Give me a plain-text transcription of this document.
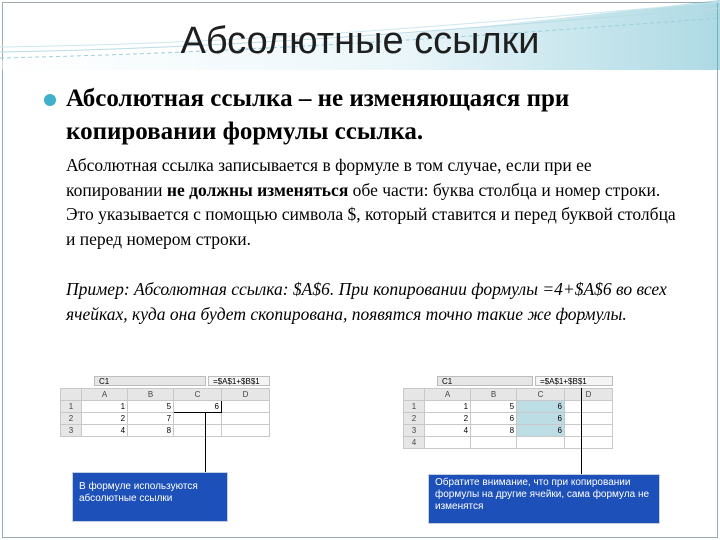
Абсолютные ссылки

Абсолютная ссылка – не изменяющаяся при копировании формулы ссылка.

Абсолютная ссылка записывается в формуле в том случае, если при ее копировании не должны изменяться обе части: буква столбца и номер строки. Это указывается с помощью символа $, который ставится и перед буквой столбца и перед номером строки.

Пример: Абсолютная ссылка: $A$6. При копировании формулы =4+$A$6 во всех ячейках, куда она будет скопирована, появятся точно такие же формулы.

C1	=$A$1+$B$1
	A	B	C	D
1	1	5	6	
2	2	7		
3	4	8		
C1	=$A$1+$B$1
	A	B	C	D
1	1	5	6	
2	2	6	6	
3	4	8	6	
4				
В формуле используются абсолютные ссылки
Обратите внимание, что при копировании формулы на другие ячейки, сама формула не изменятся
